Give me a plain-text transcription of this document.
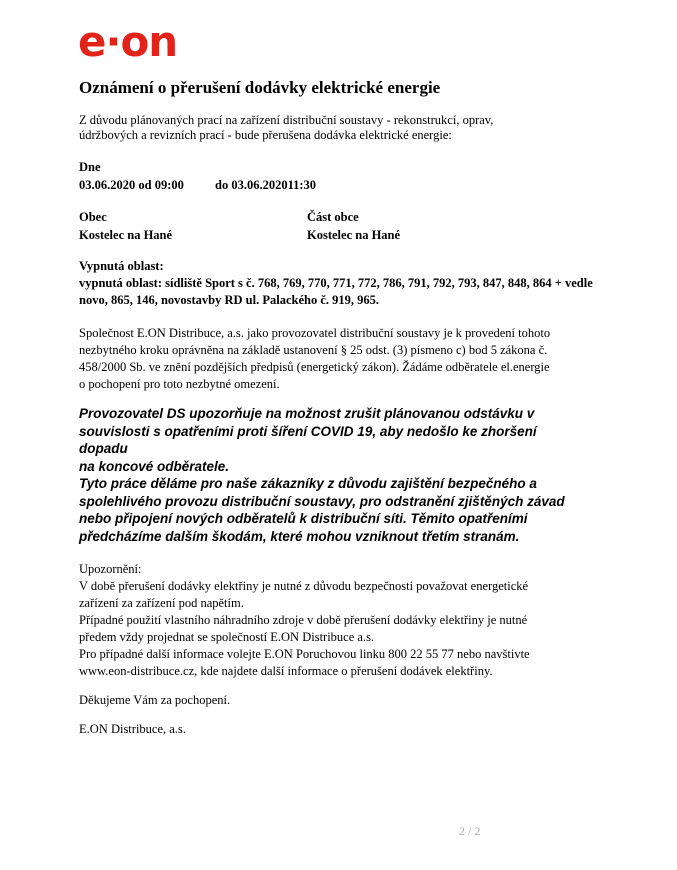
e·on
Oznámení o přerušení dodávky elektrické energie
Z důvodu plánovaných prací na zařízení distribuční soustavy - rekonstrukcí, oprav,
údržbových a revizních prací - bude přerušena dodávka elektrické energie:
Dne
03.06.2020 od 09:00	do 03.06.202011:30
Obec
Kostelec na Hané
Část obce
Kostelec na Hané
Vypnutá oblast:
vypnutá oblast: sídliště Sport s č. 768, 769, 770, 771, 772, 786, 791, 792, 793, 847, 848, 864 + vedle
novo, 865, 146, novostavby RD ul. Palackého č. 919, 965.
Společnost E.ON Distribuce, a.s. jako provozovatel distribuční soustavy je k provedení tohoto
nezbytného kroku oprávněna na základě ustanovení § 25 odst. (3) písmeno c) bod 5 zákona č.
458/2000 Sb. ve znění pozdějších předpisů (energetický zákon). Žádáme odběratele el.energie
o pochopení pro toto nezbytné omezení.
Provozovatel DS upozorňuje na možnost zrušit plánovanou odstávku v
souvislosti s opatřeními proti šíření COVID 19, aby nedošlo ke zhoršení dopadu
na koncové odběratele.
Tyto práce děláme pro naše zákazníky z důvodu zajištění bezpečného a
spolehlivého provozu distribuční soustavy, pro odstranění zjištěných závad
nebo připojení nových odběratelů k distribuční síti. Těmito opatřeními
předcházíme dalším škodám, které mohou vzniknout třetím stranám.
Upozornění:
V době přerušení dodávky elektřiny je nutné z důvodu bezpečnosti považovat energetické
zařízení za zařízení pod napětím.
Případné použití vlastního náhradního zdroje v době přerušení dodávky elektřiny je nutné
předem vždy projednat se společností E.ON Distribuce a.s.
Pro případné další informace volejte E.ON Poruchovou linku 800 22 55 77 nebo navštivte
www.eon-distribuce.cz, kde najdete další informace o přerušení dodávek elektřiny.
Děkujeme Vám za pochopení.
E.ON Distribuce, a.s.
2 / 2
